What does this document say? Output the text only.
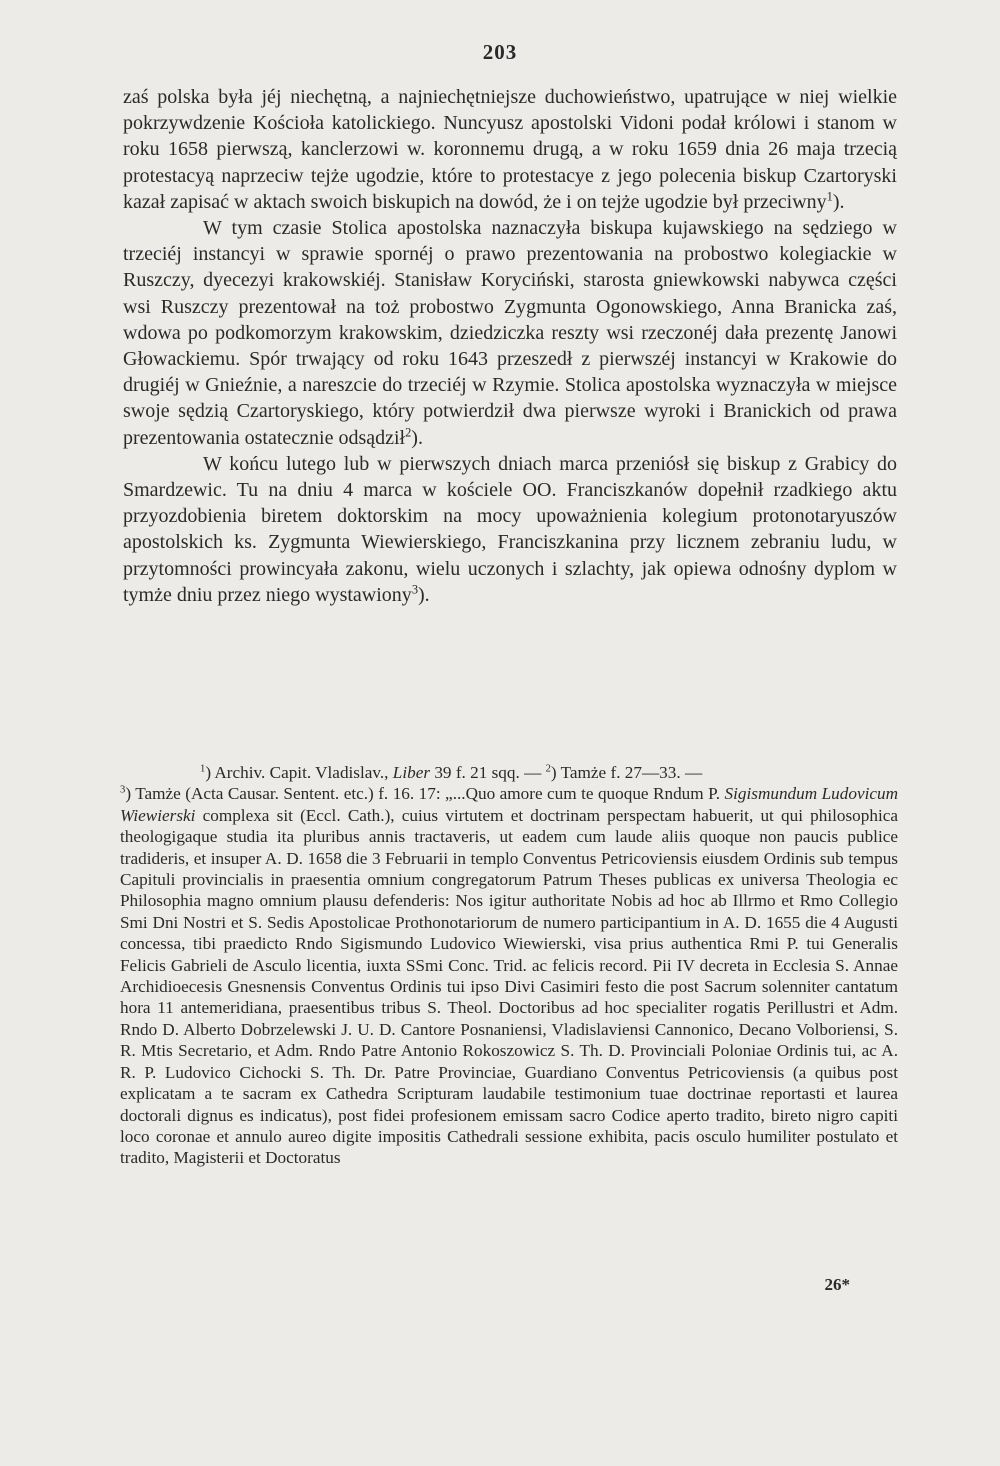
203

zaś polska była jéj niechętną, a najniechętniejsze duchowieństwo, upatrujące w niej wielkie pokrzywdzenie Kościoła katolickiego. Nuncyusz apostolski Vidoni podał królowi i stanom w roku 1658 pierwszą, kanclerzowi w. koronnemu drugą, a w roku 1659 dnia 26 maja trzecią protestacyą naprzeciw tejże ugodzie, które to protestacye z jego polecenia biskup Czartoryski kazał zapisać w aktach swoich biskupich na dowód, że i on tejże ugodzie był przeciwny$^1$).

W tym czasie Stolica apostolska naznaczyła biskupa kujawskiego na sędziego w trzeciéj instancyi w sprawie spornéj o prawo prezentowania na probostwo kolegiackie w Ruszczy, dyecezyi krakowskiéj. Stanisław Koryciński, starosta gniewkowski nabywca części wsi Ruszczy prezentował na toż probostwo Zygmunta Ogonowskiego, Anna Branicka zaś, wdowa po podkomorzym krakowskim, dziedziczka reszty wsi rzeczonéj dała prezentę Janowi Głowackiemu. Spór trwający od roku 1643 przeszedł z pierwszéj instancyi w Krakowie do drugiéj w Gnieźnie, a nareszcie do trzeciéj w Rzymie. Stolica apostolska wyznaczyła w miejsce swoje sędzią Czartoryskiego, który potwierdził dwa pierwsze wyroki i Branickich od prawa prezentowania ostatecznie odsądził$^2$).

W końcu lutego lub w pierwszych dniach marca przeniósł się biskup z Grabicy do Smardzewic. Tu na dniu 4 marca w kościele OO. Franciszkanów dopełnił rzadkiego aktu przyozdobienia biretem doktorskim na mocy upoważnienia kolegium protonotaryuszów apostolskich ks. Zygmunta Wiewierskiego, Franciszkanina przy licznem zebraniu ludu, w przytomności prowincyała zakonu, wielu uczonych i szlachty, jak opiewa odnośny dyplom w tymże dniu przez niego wystawiony$^3$).

$^1$) Archiv. Capit. Vladislav., Liber 39 f. 21 sqq. — $^2$) Tamże f. 27—33. —

$^3$) Tamże (Acta Causar. Sentent. etc.) f. 16. 17: „...Quo amore cum te quoque Rndum P. Sigismundum Ludovicum Wiewierski complexa sit (Eccl. Cath.), cuius virtutem et doctrinam perspectam habuerit, ut qui philosophica theologigaque studia ita pluribus annis tractaveris, ut eadem cum laude aliis quoque non paucis publice tradideris, et insuper A. D. 1658 die 3 Februarii in templo Conventus Petricoviensis eiusdem Ordinis sub tempus Capituli provincialis in praesentia omnium congregatorum Patrum Theses publicas ex universa Theologia ec Philosophia magno omnium plausu defenderis: Nos igitur authoritate Nobis ad hoc ab Illrmo et Rmo Collegio Smi Dni Nostri et S. Sedis Apostolicae Prothonotariorum de numero participantium in A. D. 1655 die 4 Augusti concessa, tibi praedicto Rndo Sigismundo Ludovico Wiewierski, visa prius authentica Rmi P. tui Generalis Felicis Gabrieli de Asculo licentia, iuxta SSmi Conc. Trid. ac felicis record. Pii IV decreta in Ecclesia S. Annae Archidioecesis Gnesnensis Conventus Ordinis tui ipso Divi Casimiri festo die post Sacrum solenniter cantatum hora 11 antemeridiana, praesentibus tribus S. Theol. Doctoribus ad hoc specialiter rogatis Perillustri et Adm. Rndo D. Alberto Dobrzelewski J. U. D. Cantore Posnaniensi, Vladislaviensi Cannonico, Decano Volboriensi, S. R. Mtis Secretario, et Adm. Rndo Patre Antonio Rokoszowicz S. Th. D. Provinciali Poloniae Ordinis tui, ac A. R. P. Ludovico Cichocki S. Th. Dr. Patre Provinciae, Guardiano Conventus Petricoviensis (a quibus post explicatam a te sacram ex Cathedra Scripturam laudabile testimonium tuae doctrinae reportasti et laurea doctorali dignus es indicatus), post fidei profesionem emissam sacro Codice aperto tradito, bireto nigro capiti loco coronae et annulo aureo digite impositis Cathedrali sessione exhibita, pacis osculo humiliter postulato et tradito, Magisterii et Doctoratus

26*
